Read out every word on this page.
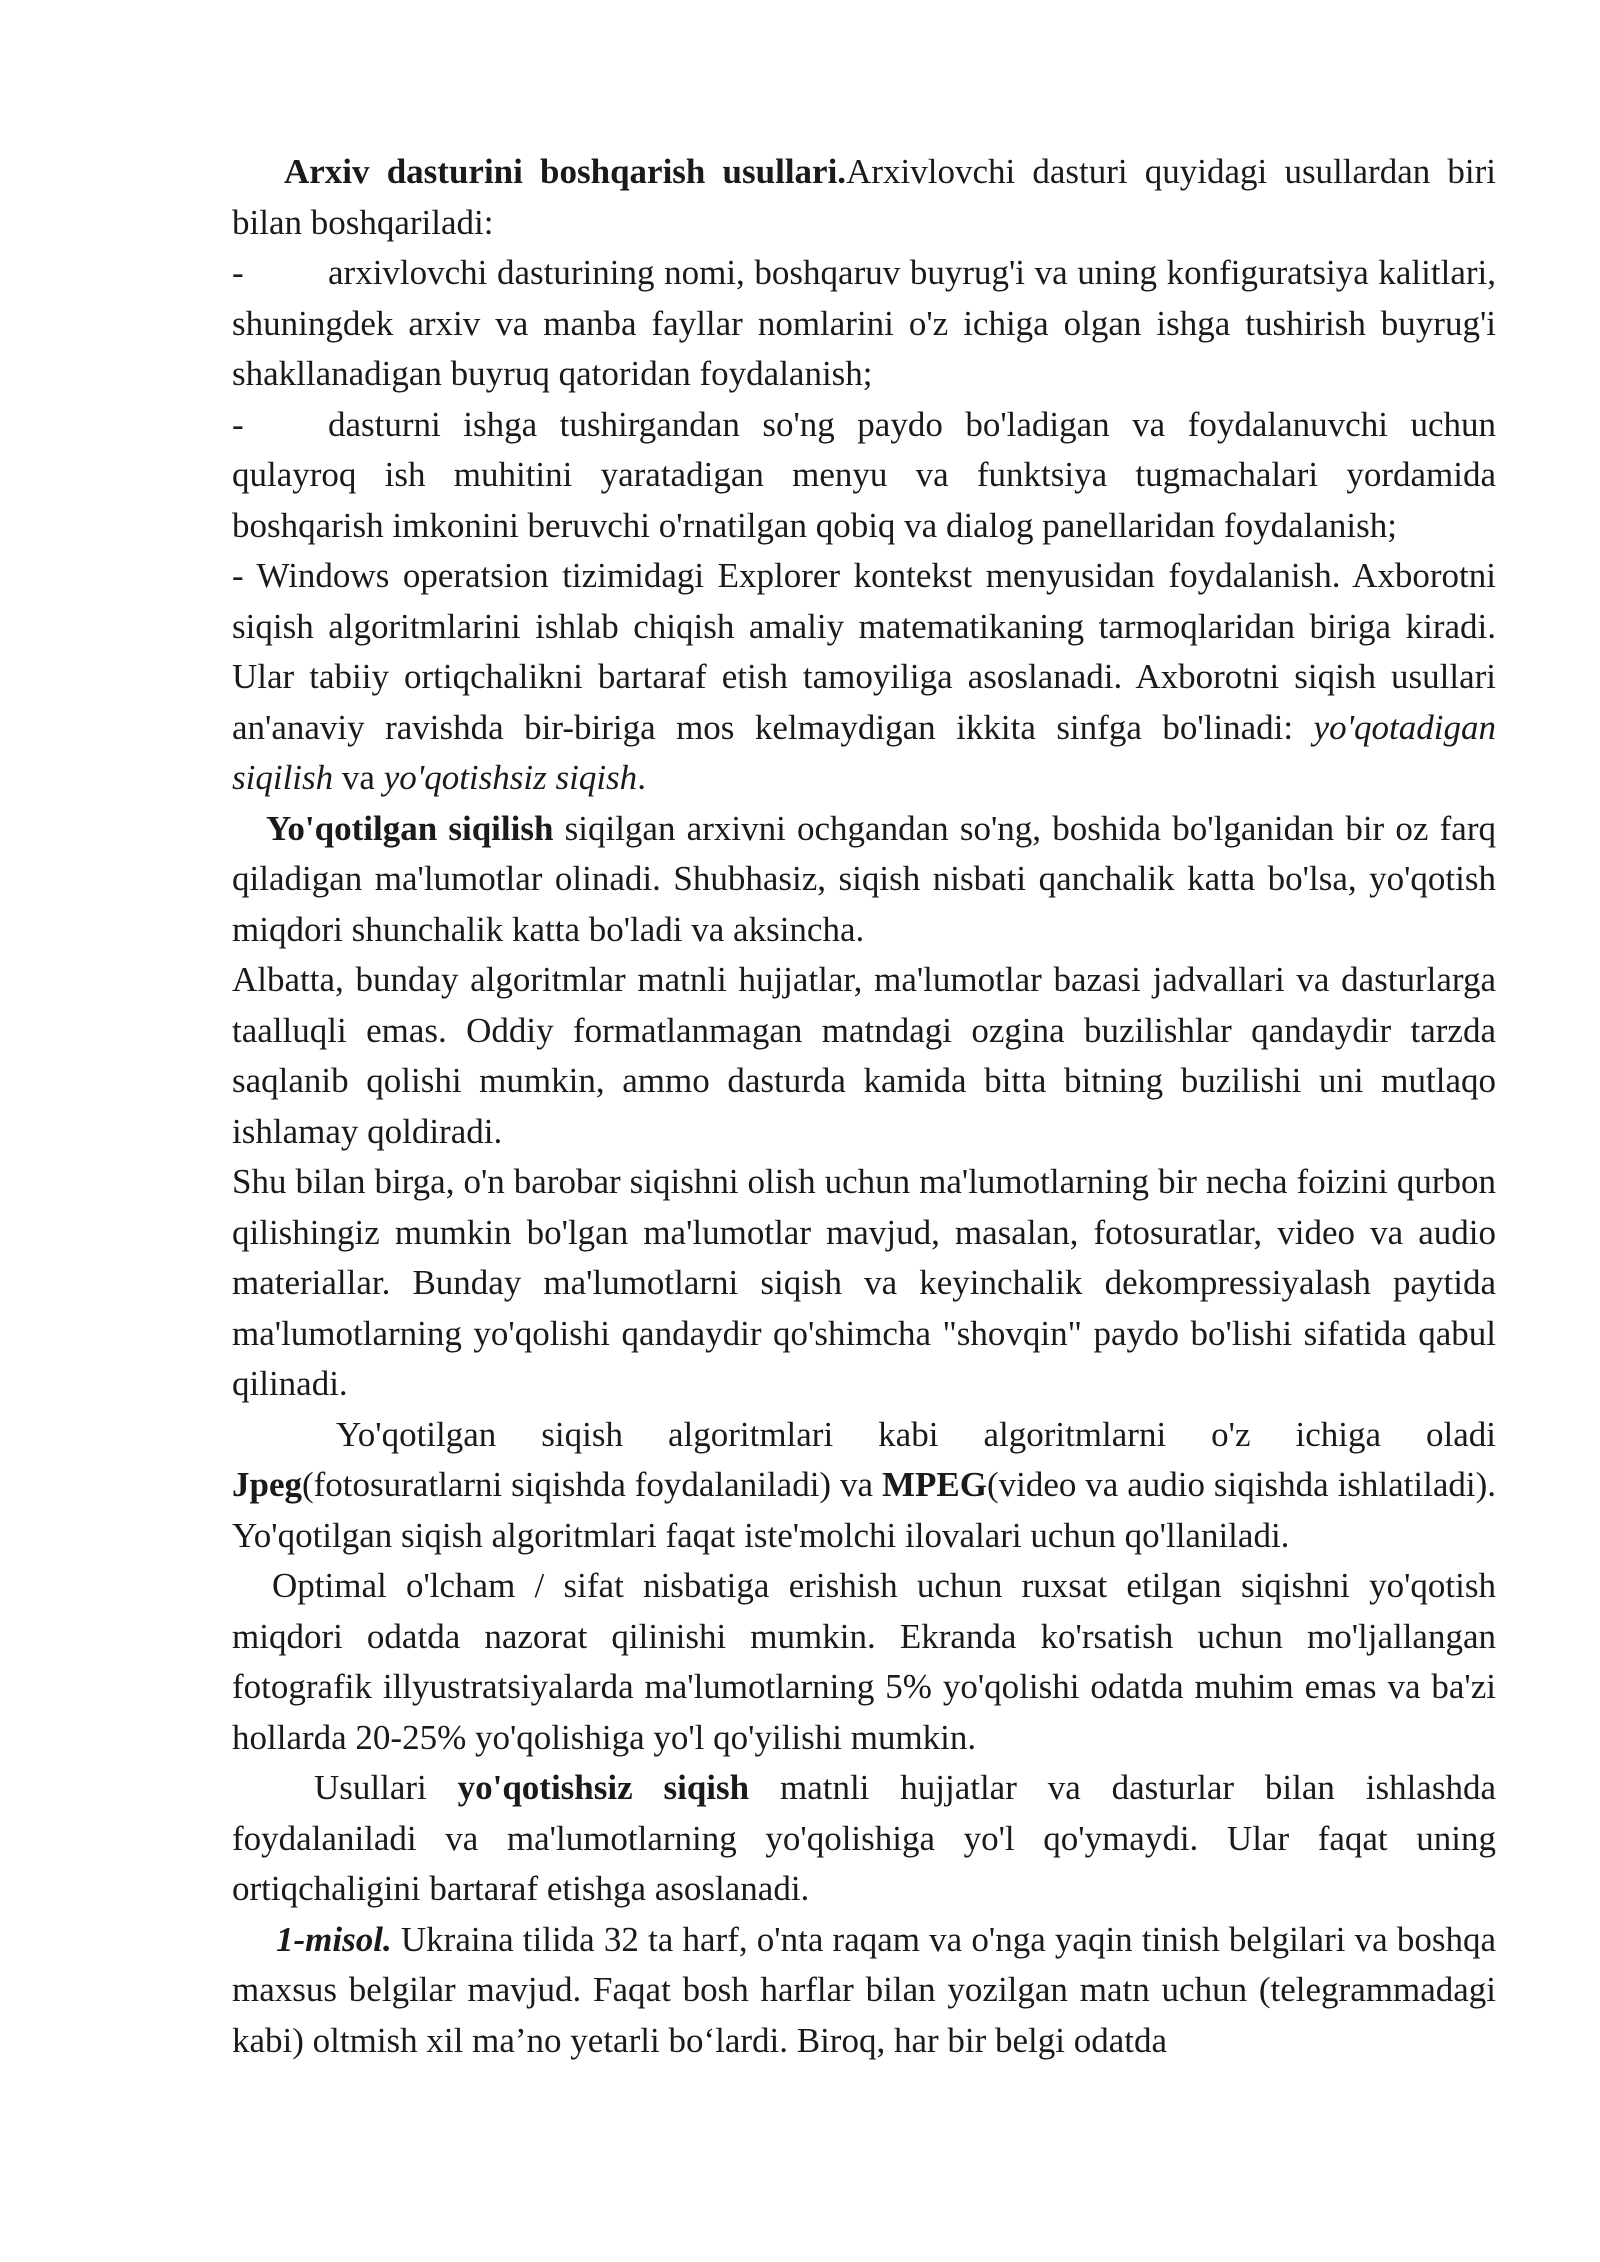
Arxiv dasturini boshqarish usullari.Arxivlovchi dasturi quyidagi usullardan biri bilan boshqariladi:

- arxivlovchi dasturining nomi, boshqaruv buyrug'i va uning konfiguratsiya kalitlari, shuningdek arxiv va manba fayllar nomlarini o'z ichiga olgan ishga tushirish buyrug'i shakllanadigan buyruq qatoridan foydalanish;

- dasturni ishga tushirgandan so'ng paydo bo'ladigan va foydalanuvchi uchun qulayroq ish muhitini yaratadigan menyu va funktsiya tugmachalari yordamida boshqarish imkonini beruvchi o'rnatilgan qobiq va dialog panellaridan foydalanish;

- Windows operatsion tizimidagi Explorer kontekst menyusidan foydalanish. Axborotni siqish algoritmlarini ishlab chiqish amaliy matematikaning tarmoqlaridan biriga kiradi. Ular tabiiy ortiqchalikni bartaraf etish tamoyiliga asoslanadi. Axborotni siqish usullari an'anaviy ravishda bir-biriga mos kelmaydigan ikkita sinfga bo'linadi: yo'qotadigan siqilish va yo'qotishsiz siqish.

Yo'qotilgan siqilish siqilgan arxivni ochgandan so'ng, boshida bo'lganidan bir oz farq qiladigan ma'lumotlar olinadi. Shubhasiz, siqish nisbati qanchalik katta bo'lsa, yo'qotish miqdori shunchalik katta bo'ladi va aksincha.

Albatta, bunday algoritmlar matnli hujjatlar, ma'lumotlar bazasi jadvallari va dasturlarga taalluqli emas. Oddiy formatlanmagan matndagi ozgina buzilishlar qandaydir tarzda saqlanib qolishi mumkin, ammo dasturda kamida bitta bitning buzilishi uni mutlaqo ishlamay qoldiradi.

Shu bilan birga, o'n barobar siqishni olish uchun ma'lumotlarning bir necha foizini qurbon qilishingiz mumkin bo'lgan ma'lumotlar mavjud, masalan, fotosuratlar, video va audio materiallar. Bunday ma'lumotlarni siqish va keyinchalik dekompressiyalash paytida ma'lumotlarning yo'qolishi qandaydir qo'shimcha "shovqin" paydo bo'lishi sifatida qabul qilinadi.

Yo'qotilgan siqish algoritmlari kabi algoritmlarni o'z ichiga oladi Jpeg(fotosuratlarni siqishda foydalaniladi) va MPEG(video va audio siqishda ishlatiladi). Yo'qotilgan siqish algoritmlari faqat iste'molchi ilovalari uchun qo'llaniladi.

Optimal o'lcham / sifat nisbatiga erishish uchun ruxsat etilgan siqishni yo'qotish miqdori odatda nazorat qilinishi mumkin. Ekranda ko'rsatish uchun mo'ljallangan fotografik illyustratsiyalarda ma'lumotlarning 5% yo'qolishi odatda muhim emas va ba'zi hollarda 20-25% yo'qolishiga yo'l qo'yilishi mumkin.

Usullari yo'qotishsiz siqish matnli hujjatlar va dasturlar bilan ishlashda foydalaniladi va ma'lumotlarning yo'qolishiga yo'l qo'ymaydi. Ular faqat uning ortiqchaligini bartaraf etishga asoslanadi.

1-misol. Ukraina tilida 32 ta harf, o'nta raqam va o'nga yaqin tinish belgilari va boshqa maxsus belgilar mavjud. Faqat bosh harflar bilan yozilgan matn uchun (telegrammadagi kabi) oltmish xil ma’no yetarli bo‘lardi. Biroq, har bir belgi odatda
